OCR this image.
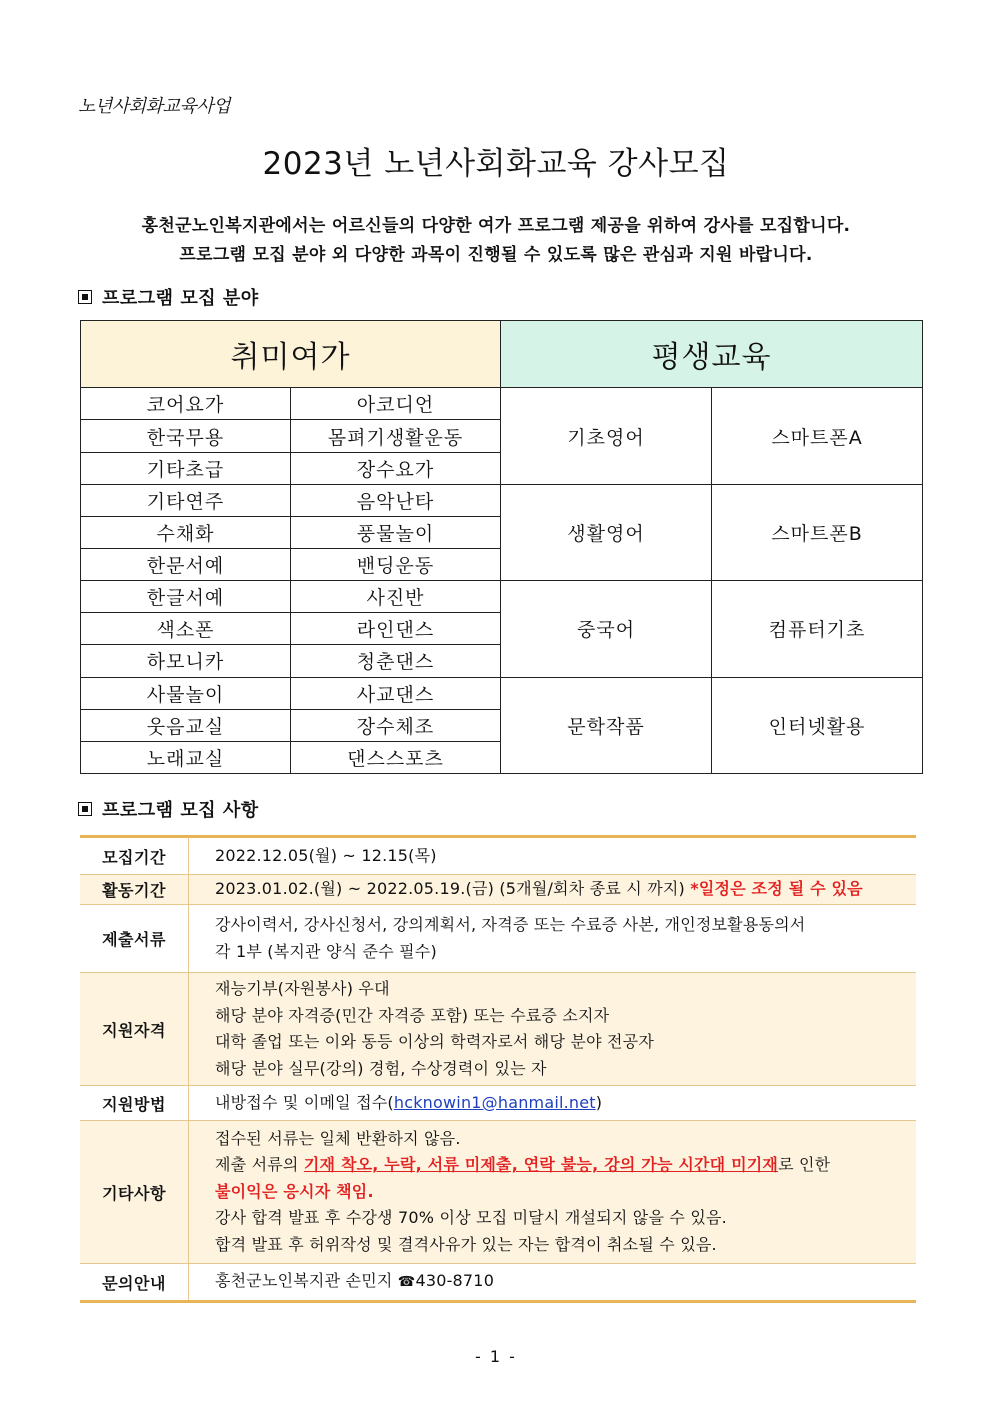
노년사회화교육사업
2023년 노년사회화교육 강사모집
홍천군노인복지관에서는 어르신들의 다양한 여가 프로그램 제공을 위하여 강사를 모집합니다.
프로그램 모집 분야 외 다양한 과목이 진행될 수 있도록 많은 관심과 지원 바랍니다.
프로그램 모집 분야
취미여가		평생교육	
코어요가	아코디언	기초영어	스마트폰A
한국무용	몸펴기생활운동		
기타초급	장수요가		
기타연주	음악난타	생활영어	스마트폰B
수채화	풍물놀이		
한문서예	밴딩운동		
한글서예	사진반	중국어	컴퓨터기초
색소폰	라인댄스		
하모니카	청춘댄스		
사물놀이	사교댄스	문학작품	인터넷활용
웃음교실	장수체조		
노래교실	댄스스포츠		
프로그램 모집 사항
모집기간	2022.12.05(월) ~ 12.15(목)
활동기간	2023.01.02.(월) ~ 2022.05.19.(금) (5개월/회차 종료 시 까지) *일정은 조정 될 수 있음
제출서류	강사이력서, 강사신청서, 강의계획서, 자격증 또는 수료증 사본, 개인정보활용동의서
각 1부 (복지관 양식 준수 필수)

지원자격	재능기부(자원봉사) 우대
해당 분야 자격증(민간 자격증 포함) 또는 수료증 소지자
대학 졸업 또는 이와 동등 이상의 학력자로서 해당 분야 전공자
해당 분야 실무(강의) 경험, 수상경력이 있는 자

지원방법	내방접수 및 이메일 접수(hcknowin1@hanmail.net)
기타사항	접수된 서류는 일체 반환하지 않음.
제출 서류의 기재 착오, 누락, 서류 미제출, 연락 불능, 강의 가능 시간대 미기재로 인한
불이익은 응시자 책임.
강사 합격 발표 후 수강생 70% 이상 모집 미달시 개설되지 않을 수 있음.
합격 발표 후 허위작성 및 결격사유가 있는 자는 합격이 취소될 수 있음.

문의안내	홍천군노인복지관 손민지 ☎430-8710
- 1 -
